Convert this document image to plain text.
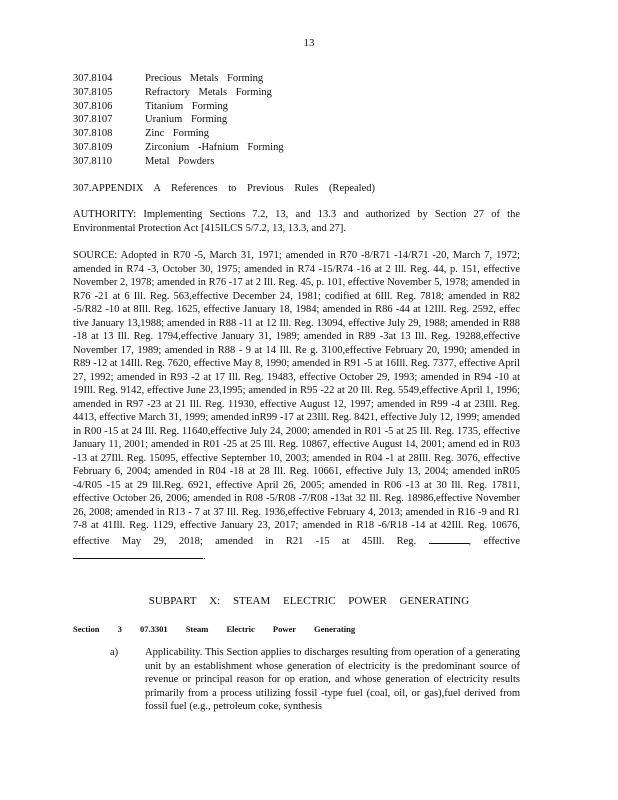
13
307.8104	Precious Metals Forming
307.8105	Refractory Metals Forming
307.8106	Titanium Forming
307.8107	Uranium Forming
307.8108	Zinc Forming
307.8109	Zirconium -Hafnium Forming
307.8110	Metal Powders
307.APPENDIX A References to Previous Rules (Repealed)
AUTHORITY: Implementing Sections 7.2, 13, and 13.3 and authorized by Section 27 of the Environmental Protection Act [415ILCS 5/7.2, 13, 13.3, and 27].
SOURCE: Adopted in R70 -5, March 31, 1971; amended in R70 -8/R71 -14/R71 -20, March 7, 1972; amended in R74 -3, October 30, 1975; amended in R74 -15/R74 -16 at 2 Ill. Reg. 44, p. 151, effective November 2, 1978; amended in R76 -17 at 2 Ill. Reg. 45, p. 101, effective November 5, 1978; amended in R76 -21 at 6 Ill. Reg. 563,effective December 24, 1981; codified at 6Ill. Reg. 7818; amended in R82 -5/R82 -10 at 8Ill. Reg. 1625, effective January 18, 1984; amended in R86 -44 at 12Ill. Reg. 2592, effec tive January 13,1988; amended in R88 -11 at 12 Ill. Reg. 13094, effective July 29, 1988; amended in R88 -18 at 13 Ill. Reg. 1794,effective January 31, 1989; amended in R89 -3at 13 Ill. Reg. 19288,effective November 17, 1989; amended in R88 - 9 at 14 Ill. Re g. 3100,effective February 20, 1990; amended in R89 -12 at 14Ill. Reg. 7620, effective May 8, 1990; amended in R91 -5 at 16Ill. Reg. 7377, effective April 27, 1992; amended in R93 -2 at 17 Ill. Reg. 19483, effective October 29, 1993; amended in R94 -10 at 19Ill. Reg. 9142, effective June 23,1995; amended in R95 -22 at 20 Ill. Reg. 5549,effective April 1, 1996; amended in R97 -23 at 21 Ill. Reg. 11930, effective August 12, 1997; amended in R99 -4 at 23Ill. Reg. 4413, effective March 31, 1999; amended inR99 -17 at 23Ill. Reg. 8421, effective July 12, 1999; amended in R00 -15 at 24 Ill. Reg. 11640,effective July 24, 2000; amended in R01 -5 at 25 Ill. Reg. 1735, effective January 11, 2001; amended in R01 -25 at 25 Ill. Reg. 10867, effective August 14, 2001; amend ed in R03 -13 at 27Ill. Reg. 15095, effective September 10, 2003; amended in R04 -1 at 28Ill. Reg. 3076, effective February 6, 2004; amended in R04 -18 at 28 Ill. Reg. 10661, effective July 13, 2004; amended inR05 -4/R05 -15 at 29 Ill.Reg. 6921, effective April 26, 2005; amended in R06 -13 at 30 Ill. Reg. 17811, effective October 26, 2006; amended in R08 -5/R08 -7/R08 -13at 32 Ill. Reg. 18986,effective November 26, 2008; amended in R13 - 7 at 37 Ill. Reg. 1936,effective February 4, 2013; amended in R16 -9 and R1 7-8 at 41Ill. Reg. 1129, effective January 23, 2017; amended in R18 -6/R18 -14 at 42Ill. Reg. 10676, effective May 29, 2018; amended in R21 -15 at 45Ill. Reg.	, effective .
SUBPART X: STEAM ELECTRIC POWER GENERATING
Section 3 07.3301 Steam Electric Power Generating
a)	Applicability. This Section applies to discharges resulting from operation of a generating unit by an establishment whose generation of electricity is the predominant source of revenue or principal reason for op eration, and whose generation of electricity results primarily from a process utilizing fossil -type fuel (coal, oil, or gas),fuel derived from fossil fuel (e.g., petroleum coke, synthesis
